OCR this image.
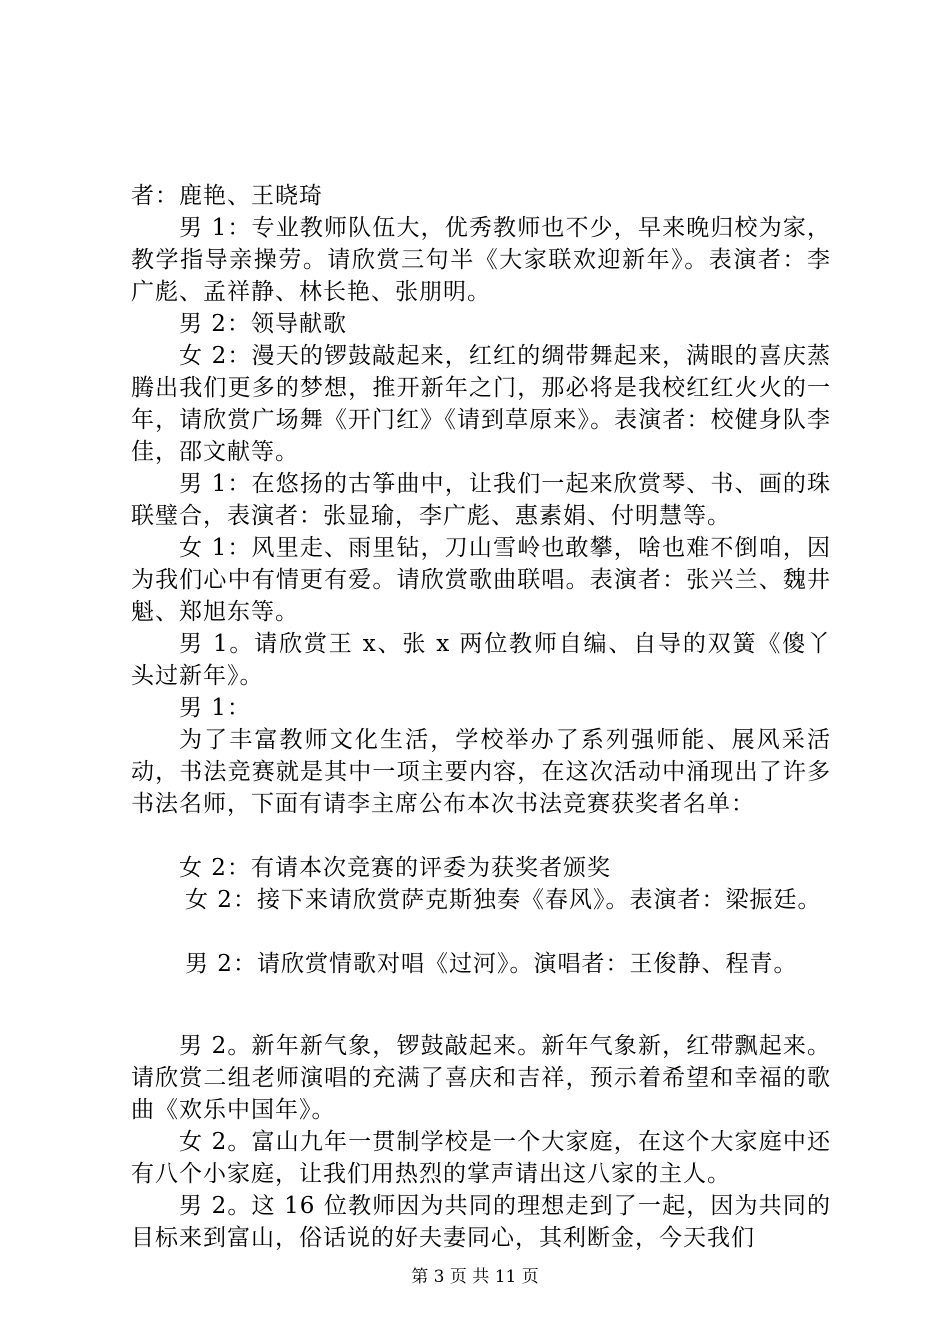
者：鹿艳、王晓琦

男 1：专业教师队伍大，优秀教师也不少，早来晚归校为家，教学指导亲操劳。请欣赏三句半《大家联欢迎新年》。表演者：李广彪、孟祥静、林长艳、张朋明。

男 2：领导献歌

女 2：漫天的锣鼓敲起来，红红的绸带舞起来，满眼的喜庆蒸腾出我们更多的梦想，推开新年之门，那必将是我校红红火火的一年，请欣赏广场舞《开门红》《请到草原来》。表演者：校健身队李佳，邵文献等。

男 1：在悠扬的古筝曲中，让我们一起来欣赏琴、书、画的珠联璧合，表演者：张显瑜，李广彪、惠素娟、付明慧等。

女 1：风里走、雨里钻，刀山雪岭也敢攀，啥也难不倒咱，因为我们心中有情更有爱。请欣赏歌曲联唱。表演者：张兴兰、魏井魁、郑旭东等。

男 1。请欣赏王 x、张 x 两位教师自编、自导的双簧《傻丫头过新年》。

男 1：

为了丰富教师文化生活，学校举办了系列强师能、展风采活动，书法竞赛就是其中一项主要内容，在这次活动中涌现出了许多书法名师，下面有请李主席公布本次书法竞赛获奖者名单：

女 2：有请本次竞赛的评委为获奖者颁奖

女 2：接下来请欣赏萨克斯独奏《春风》。表演者：梁振廷。

男 2：请欣赏情歌对唱《过河》。演唱者：王俊静、程青。

男 2。新年新气象，锣鼓敲起来。新年气象新，红带飘起来。请欣赏二组老师演唱的充满了喜庆和吉祥，预示着希望和幸福的歌曲《欢乐中国年》。

女 2。富山九年一贯制学校是一个大家庭，在这个大家庭中还有八个小家庭，让我们用热烈的掌声请出这八家的主人。

男 2。这 16 位教师因为共同的理想走到了一起，因为共同的目标来到富山，俗话说的好夫妻同心，其利断金，今天我们

第 3 页 共 11 页
